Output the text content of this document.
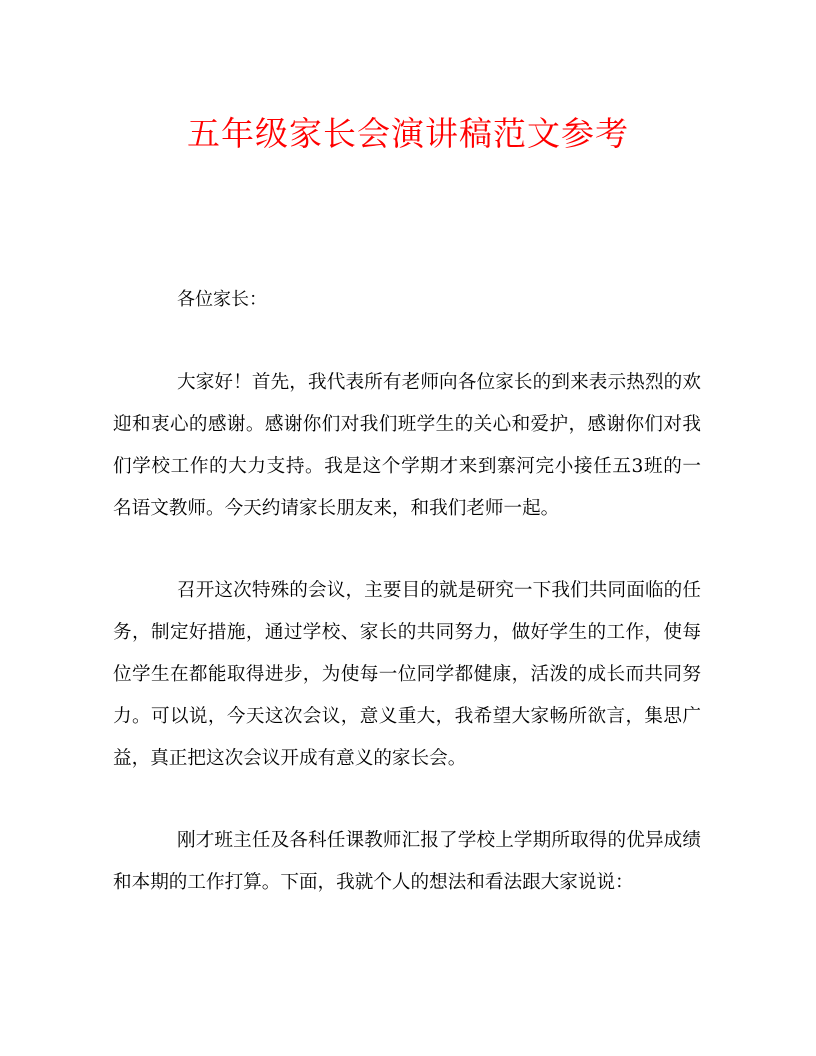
五年级家长会演讲稿范文参考

各位家长：

大家好！首先，我代表所有老师向各位家长的到来表示热烈的欢迎和衷心的感谢。感谢你们对我们班学生的关心和爱护，感谢你们对我们学校工作的大力支持。我是这个学期才来到寨河完小接任五3班的一名语文教师。今天约请家长朋友来，和我们老师一起。

召开这次特殊的会议，主要目的就是研究一下我们共同面临的任务，制定好措施，通过学校、家长的共同努力，做好学生的工作，使每位学生在都能取得进步，为使每一位同学都健康，活泼的成长而共同努力。可以说，今天这次会议，意义重大，我希望大家畅所欲言，集思广益，真正把这次会议开成有意义的家长会。

刚才班主任及各科任课教师汇报了学校上学期所取得的优异成绩和本期的工作打算。下面，我就个人的想法和看法跟大家说说：
